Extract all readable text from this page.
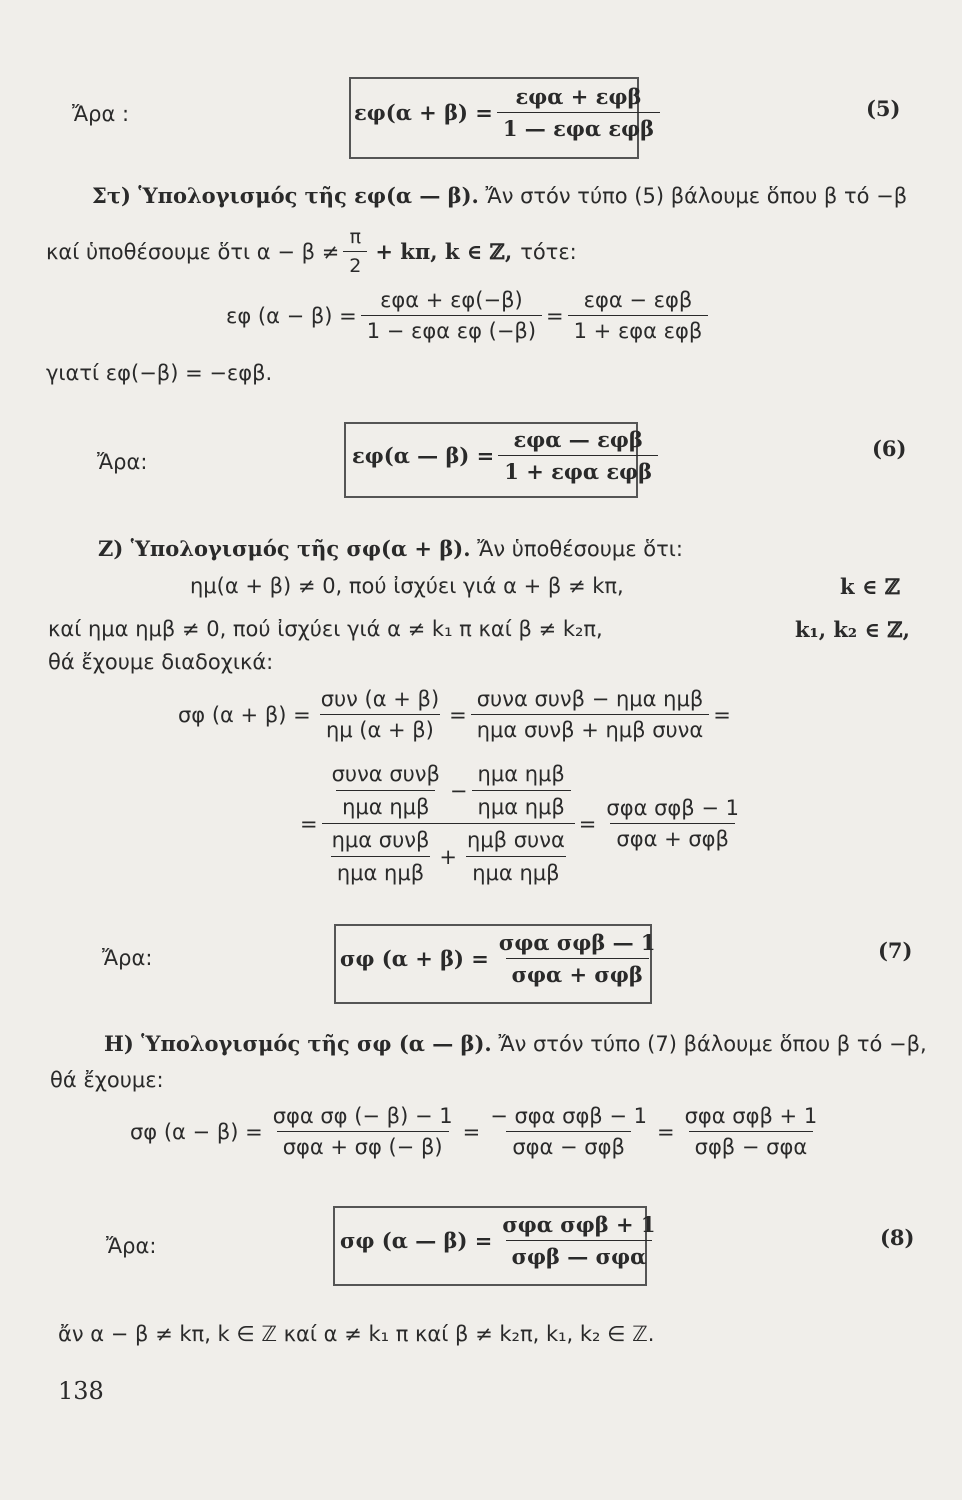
Ἄρα :	$\varepsilon\varphi(\alpha + \beta) = \frac{\text{εφα + εφβ}}{\text{1 — εφα εφβ}}$	(5)
Στ) Ὑπολογισμός τῆς εφ(α — β). Ἄν στόν τύπο (5) βάλουμε ὅπου β τό −β
καί ὑποθέσουμε ὅτι $\alpha - \beta \ne \frac{\pi}{2} + k\pi$, k ∈ ℤ, τότε:
εφ $(\alpha - \beta) = \frac{\text{εφα + εφ(−β)}}{\text{1 − εφα εφ (−β)}} = \frac{\text{εφα − εφβ}}{\text{1 + εφα εφβ}}$
γιατί εφ(−β) = −εφβ.
Ἄρα:	εφ(α — $\beta) = \frac{\text{εφα — εφβ}}{\text{1 + εφα εφβ}}$	(6)
Ζ) Ὑπολογισμός τῆς σφ(α + β). Ἄν ὑποθέσουμε ὅτι:
ημ(α + β) ≠ 0, πού ἰσχύει γιά α + β ≠ kπ,	k ∈ ℤ
καί ημα ημβ ≠ 0, πού ἰσχύει γιά α ≠ k₁ π καί β ≠ k₂π,	k₁, k₂ ∈ ℤ,
θά ἔχουμε διαδοχικά:
σφ $(\alpha + \beta) = \frac{\text{συν (α + β)}}{\eta\mu (\alpha + \beta)} = \frac{\text{συνα συνβ − ημα ημβ}}{\text{ημα συνβ + ημβ συνα}}$ =
=
$\frac{\text{συνα συνβ}}{\text{ημα ημβ}} - \frac{\text{ημα ημβ}}{\text{ημα ημβ}}$
$\frac{\text{ημα συνβ}}{\text{ημα ημβ}} + \frac{\text{ημβ συνα}}{\text{ημα ημβ}}$
= $\frac{\text{σφα σφβ − 1}}{\text{σφα + σφβ}}$
Ἄρα:	σφ $(\alpha + \beta) = \frac{\text{σφα σφβ — 1}}{\text{σφα + σφβ}}$	(7)
Η) Ὑπολογισμός τῆς σφ (α — β). Ἄν στόν τύπο (7) βάλουμε ὅπου β τό −β,
θά ἔχουμε:
σφ $(\alpha - \beta) = \frac{\text{σφα σφ (− β) − 1}}{\text{σφα + σφ (− β)}} = \frac{\text{− σφα σφβ − 1}}{\text{σφα − σφβ}} = \frac{\text{σφα σφβ + 1}}{\text{σφβ − σφα}}$
Ἄρα:	σφ (α — $\beta) = \frac{\text{σφα σφβ + 1}}{\text{σφβ — σφα}}$	(8)
ἄν α − β ≠ kπ, k ∈ ℤ καί α ≠ k₁ π καί β ≠ k₂π, k₁, k₂ ∈ ℤ.
138
